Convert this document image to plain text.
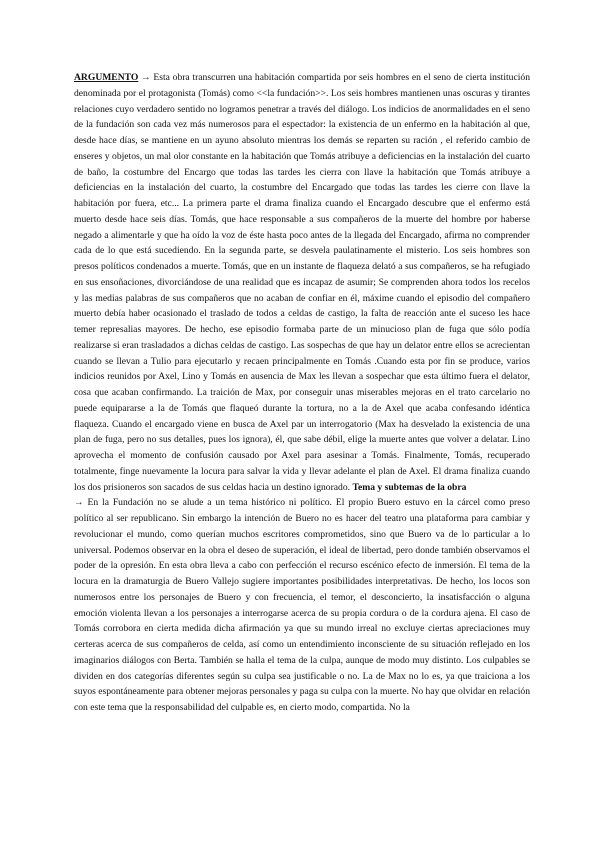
ARGUMENTO → Esta obra transcurren una habitación compartida por seis hombres en el seno de cierta institución denominada por el protagonista (Tomás) como <<la fundación>>. Los seis hombres mantienen unas oscuras y tirantes relaciones cuyo verdadero sentido no logramos penetrar a través del diálogo. Los indicios de anormalidades en el seno de la fundación son cada vez más numerosos para el espectador: la existencia de un enfermo en la habitación al que, desde hace días, se mantiene en un ayuno absoluto mientras los demás se reparten su ración , el referido cambio de enseres y objetos, un mal olor constante en la habitación que Tomás atribuye a deficiencias en la instalación del cuarto de baño, la costumbre del Encargo que todas las tardes les cierra con llave la habitación que Tomás atribuye a deficiencias en la instalación del cuarto, la costumbre del Encargado que todas las tardes les cierre con llave la habitación por fuera, etc... La primera parte el drama finaliza cuando el Encargado descubre que el enfermo está muerto desde hace seis días. Tomás, que hace responsable a sus compañeros de la muerte del hombre por haberse negado a alimentarle y que ha oído la voz de éste hasta poco antes de la llegada del Encargado, afirma no comprender cada de lo que está sucediendo. En la segunda parte, se desvela paulatinamente el misterio. Los seis hombres son presos políticos condenados a muerte. Tomás, que en un instante de flaqueza delató a sus compañeros, se ha refugiado en sus ensoñaciones, divorciándose de una realidad que es incapaz de asumir; Se comprenden ahora todos los recelos y las medias palabras de sus compañeros que no acaban de confiar en él, máxime cuando el episodio del compañero muerto debía haber ocasionado el traslado de todos a celdas de castigo, la falta de reacción ante el suceso les hace temer represalias mayores. De hecho, ese episodio formaba parte de un minucioso plan de fuga que sólo podía realizarse si eran trasladados a dichas celdas de castigo. Las sospechas de que hay un delator entre ellos se acrecientan cuando se llevan a Tulio para ejecutarlo y recaen principalmente en Tomás .Cuando esta por fin se produce, varios indicios reunidos por Axel, Lino y Tomás en ausencia de Max les llevan a sospechar que esta último fuera el delator, cosa que acaban confirmando. La traición de Max, por conseguir unas miserables mejoras en el trato carcelario no puede equipararse a la de Tomás que flaqueó durante la tortura, no a la de Axel que acaba confesando idéntica flaqueza. Cuando el encargado viene en busca de Axel par un interrogatorio (Max ha desvelado la existencia de una plan de fuga, pero no sus detalles, pues los ignora), él, que sabe débil, elige la muerte antes que volver a delatar. Lino aprovecha el momento de confusión causado por Axel para asesinar a Tomás. Finalmente, Tomás, recuperado totalmente, finge nuevamente la locura para salvar la vida y llevar adelante el plan de Axel. El drama finaliza cuando los dos prisioneros son sacados de sus celdas hacia un destino ignorado. Tema y subtemas de la obra
→ En la Fundación no se alude a un tema histórico ni político. El propio Buero estuvo en la cárcel como preso político al ser republicano. Sin embargo la intención de Buero no es hacer del teatro una plataforma para cambiar y revolucionar el mundo, como querían muchos escritores comprometidos, sino que Buero va de lo particular a lo universal. Podemos observar en la obra el deseo de superación, el ideal de libertad, pero donde también observamos el poder de la opresión. En esta obra lleva a cabo con perfección el recurso escénico efecto de inmersión. El tema de la locura en la dramaturgia de Buero Vallejo sugiere importantes posibilidades interpretativas. De hecho, los locos son numerosos entre los personajes de Buero y con frecuencia, el temor, el desconcierto, la insatisfacción o alguna emoción violenta llevan a los personajes a interrogarse acerca de su propia cordura o de la cordura ajena. El caso de Tomás corrobora en cierta medida dicha afirmación ya que su mundo irreal no excluye ciertas apreciaciones muy certeras acerca de sus compañeros de celda, así como un entendimiento inconsciente de su situación reflejado en los imaginarios diálogos con Berta. También se halla el tema de la culpa, aunque de modo muy distinto. Los culpables se dividen en dos categorías diferentes según su culpa sea justificable o no. La de Max no lo es, ya que traiciona a los suyos espontáneamente para obtener mejoras personales y paga su culpa con la muerte. No hay que olvidar en relación con este tema que la responsabilidad del culpable es, en cierto modo, compartida. No la
